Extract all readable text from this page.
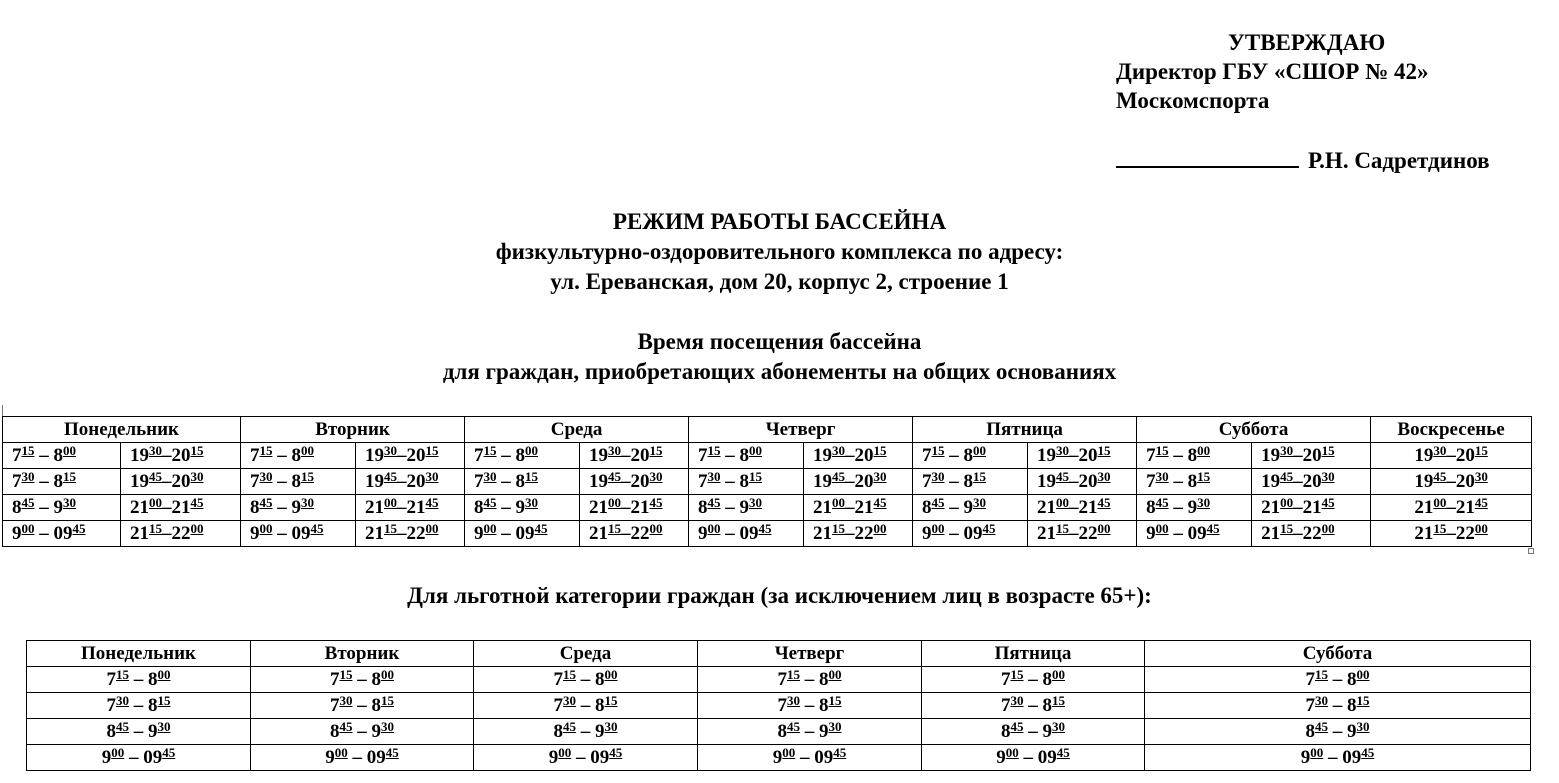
УТВЕРЖДАЮ
Директор ГБУ «СШОР № 42»
Москомспорта
Р.Н. Садретдинов
РЕЖИМ РАБОТЫ БАССЕЙНА
физкультурно-оздоровительного комплекса по адресу:
ул. Ереванская, дом 20, корпус 2, строение 1
Время посещения бассейна
для граждан, приобретающих абонементы на общих основаниях
Понедельник		Вторник		Среда		Четверг		Пятница		Суббота		Воскресенье
$7^{15} - 8^{00}$	$19^{30}-20^{15}$	$7^{15} - 8^{00}$	$19^{30}-20^{15}$	$7^{15} - 8^{00}$	$19^{30}-20^{15}$	$7^{15} - 8^{00}$	$19^{30}-20^{15}$	$7^{15} - 8^{00}$	$19^{30}-20^{15}$	$7^{15} - 8^{00}$	$19^{30}-20^{15}$	$19^{30}-20^{15}$
$7^{30} - 8^{15}$	$19^{45}-20^{30}$	$7^{30} - 8^{15}$	$19^{45}-20^{30}$	$7^{30} - 8^{15}$	$19^{45}-20^{30}$	$7^{30} - 8^{15}$	$19^{45}-20^{30}$	$7^{30} - 8^{15}$	$19^{45}-20^{30}$	$7^{30} - 8^{15}$	$19^{45}-20^{30}$	$19^{45}-20^{30}$
$8^{45} - 9^{30}$	$21^{00}-21^{45}$	$8^{45} - 9^{30}$	$21^{00}-21^{45}$	$8^{45} - 9^{30}$	$21^{00}-21^{45}$	$8^{45} - 9^{30}$	$21^{00}-21^{45}$	$8^{45} - 9^{30}$	$21^{00}-21^{45}$	$8^{45} - 9^{30}$	$21^{00}-21^{45}$	$21^{00}-21^{45}$
$9^{00} - 09^{45}$	$21^{15}-22^{00}$	$9^{00} - 09^{45}$	$21^{15}-22^{00}$	$9^{00} - 09^{45}$	$21^{15}-22^{00}$	$9^{00} - 09^{45}$	$21^{15}-22^{00}$	$9^{00} - 09^{45}$	$21^{15}-22^{00}$	$9^{00} - 09^{45}$	$21^{15}-22^{00}$	$21^{15}-22^{00}$
Для льготной категории граждан (за исключением лиц в возрасте 65+):
Понедельник	Вторник	Среда	Четверг	Пятница	Суббота
$7^{15} - 8^{00}$	$7^{15} - 8^{00}$	$7^{15} - 8^{00}$	$7^{15} - 8^{00}$	$7^{15} - 8^{00}$	$7^{15} - 8^{00}$
$7^{30} - 8^{15}$	$7^{30} - 8^{15}$	$7^{30} - 8^{15}$	$7^{30} - 8^{15}$	$7^{30} - 8^{15}$	$7^{30} - 8^{15}$
$8^{45} - 9^{30}$	$8^{45} - 9^{30}$	$8^{45} - 9^{30}$	$8^{45} - 9^{30}$	$8^{45} - 9^{30}$	$8^{45} - 9^{30}$
$9^{00} - 09^{45}$	$9^{00} - 09^{45}$	$9^{00} - 09^{45}$	$9^{00} - 09^{45}$	$9^{00} - 09^{45}$	$9^{00} - 09^{45}$
